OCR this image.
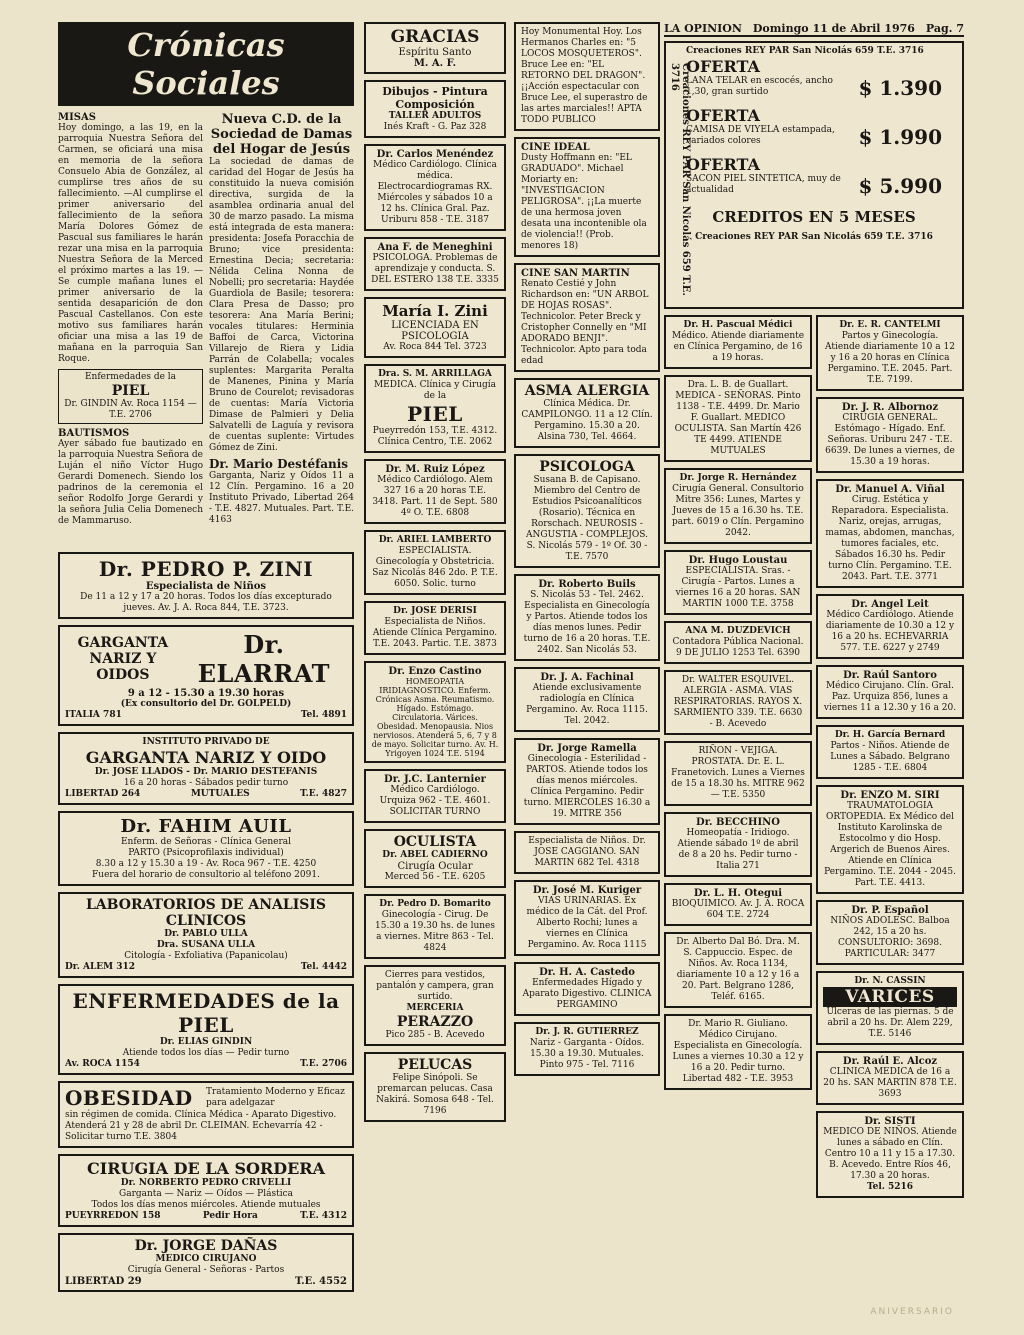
Crónicas Sociales
MISAS

Hoy domingo, a las 19, en la parroquia Nuestra Señora del Carmen, se oficiará una misa en memoria de la señora Consuelo Abia de González, al cumplirse tres años de su fallecimiento. —Al cumplirse el primer aniversario del fallecimiento de la señora María Dolores Gómez de Pascual sus familiares le harán rezar una misa en la parroquia Nuestra Señora de la Merced el próximo martes a las 19. —Se cumple mañana lunes el primer aniversario de la sentida desaparición de don Pascual Castellanos. Con este motivo sus familiares harán oficiar una misa a las 19 de mañana en la parroquia San Roque.

Enfermedades de la
PIEL
Dr. GINDIN Av. Roca 1154 — T.E. 2706
BAUTISMOS

Ayer sábado fue bautizado en la parroquia Nuestra Señora de Luján el niño Víctor Hugo Gerardi Domenech. Siendo los padrinos de la ceremonia el señor Rodolfo Jorge Gerardi y la señora Julia Celia Domenech de Mammaruso.

Nueva C.D. de la Sociedad de Damas del Hogar de Jesús

La sociedad de damas de caridad del Hogar de Jesús ha constituido la nueva comisión directiva, surgida de la asamblea ordinaria anual del 30 de marzo pasado. La misma está integrada de esta manera: presidenta: Josefa Poracchia de Bruno; vice presidenta: Ernestina Decia; secretaria: Nélida Celina Nonna de Nobelli; pro secretaria: Haydée Guardiola de Basile; tesorera: Clara Presa de Dasso; pro tesorera: Ana María Berini; vocales titulares: Herminia Baffoi de Carca, Victorina Villarejo de Riera y Lidia Parrán de Colabella; vocales suplentes: Margarita Peralta de Manenes, Pinina y María Bruno de Courelot; revisadoras de cuentas: María Victoria Dimase de Palmieri y Delia Salvatelli de Laguía y revisora de cuentas suplente: Virtudes Gómez de Zini.

Dr. Mario Destéfanis

Garganta, Nariz y Oídos 11 a 12 Clín. Pergamino. 16 a 20 Instituto Privado, Libertad 264 - T.E. 4827. Mutuales. Part. T.E. 4163

Dr. PEDRO P. ZINI
Especialista de Niños
De 11 a 12 y 17 a 20 horas. Todos los días excepturado jueves. Av. J. A. Roca 844, T.E. 3723.
GARGANTA NARIZ Y OIDOS
Dr. ELARRAT
9 a 12 - 15.30 a 19.30 horas
(Ex consultorio del Dr. GOLPELD)
ITALIA 781	Tel. 4891
INSTITUTO PRIVADO DE
GARGANTA NARIZ Y OIDO
Dr. JOSE LLADOS - Dr. MARIO DESTEFANIS
16 a 20 horas - Sábados pedir turno
LIBERTAD 264	MUTUALES	T.E. 4827
Dr. FAHIM AUIL
Enferm. de Señoras - Clínica General
PARTO (Psicoprofilaxis individual)
8.30 a 12 y 15.30 a 19 - Av. Roca 967 - T.E. 4250
Fuera del horario de consultorio al teléfono 2091.
LABORATORIOS DE ANALISIS CLINICOS
Dr. PABLO ULLA
Dra. SUSANA ULLA
Citología - Exfoliativa (Papanicolau)
Dr. ALEM 312	Tel. 4442
ENFERMEDADES de la PIEL
Dr. ELIAS GINDIN
Atiende todos los días — Pedir turno
Av. ROCA 1154	T.E. 2706
OBESIDAD Tratamiento Moderno y Eficaz para adelgazar
sin régimen de comida. Clínica Médica - Aparato Digestivo. Atenderá 21 y 28 de abril Dr. CLEIMAN. Echevarría 42 - Solicitar turno T.E. 3804
CIRUGIA DE LA SORDERA
Dr. NORBERTO PEDRO CRIVELLI
Garganta — Nariz — Oídos — Plástica
Todos los días menos miércoles. Atiende mutuales
PUEYRREDON 158	Pedir Hora	T.E. 4312
Dr. JORGE DAÑAS
MEDICO CIRUJANO
Cirugía General - Señoras - Partos
LIBERTAD 29	T.E. 4552
GRACIAS
Espíritu Santo
M. A. F.
Dibujos - Pintura Composición
TALLER ADULTOS
Inés Kraft - G. Paz 328
Dr. Carlos Menéndez
Médico Cardiólogo. Clínica médica. Electrocardiogramas RX. Miércoles y sábados 10 a 12 hs. Clínica Gral. Paz. Uriburu 858 - T.E. 3187
Ana F. de Meneghini
PSICOLOGA. Problemas de aprendizaje y conducta. S. DEL ESTERO 138 T.E. 3335
María I. Zini
LICENCIADA EN PSICOLOGIA
Av. Roca 844 Tel. 3723
Dra. S. M. ARRILLAGA
MEDICA. Clínica y Cirugía de la
PIEL
Pueyrredón 153, T.E. 4312. Clínica Centro, T.E. 2062
Dr. M. Ruiz López
Médico Cardiólogo. Alem 327 16 a 20 horas T.E. 3418. Part. 11 de Sept. 580 4º O. T.E. 6808
Dr. ARIEL LAMBERTO
ESPECIALISTA. Ginecología y Obstetricia. Saz Nicolás 846 2do. P. T.E. 6050. Solic. turno
Dr. JOSE DERISI
Especialista de Niños. Atiende Clínica Pergamino. T.E. 2043. Partic. T.E. 3873
Dr. Enzo Castino
HOMEOPATIA IRIDIAGNOSTICO. Enferm. Crónicas Asma. Reumatismo. Hígado. Estómago. Circulatoria. Várices. Obesidad. Menopausia. Nios nerviosos. Atenderá 5, 6, 7 y 8 de mayo. Solicitar turno. Av. H. Yrigoyen 1024 T.E. 5194
Dr. J.C. Lanternier
Médico Cardiólogo. Urquiza 962 - T.E. 4601. SOLICITAR TURNO
OCULISTA
Dr. ABEL CADIERNO
Cirugía Ocular
Merced 56 - T.E. 6205
Dr. Pedro D. Bomarito
Ginecología - Cirug. De 15.30 a 19.30 hs. de lunes a viernes. Mitre 863 - Tel. 4824
Cierres para vestidos, pantalón y campera, gran surtido.
MERCERIA
PERAZZO
Pico 285 - B. Acevedo
PELUCAS
Felipe Sinópoli. Se premarcan pelucas. Casa Nakirá. Somosa 648 - Tel. 7196
Hoy Monumental Hoy. Los Hermanos Charles en: "5 LOCOS MOSQUETEROS". Bruce Lee en: "EL RETORNO DEL DRAGON". ¡¡Acción espectacular con Bruce Lee, el superastro de las artes marciales!! APTA TODO PUBLICO
CINE IDEAL
Dusty Hoffmann en: "EL GRADUADO". Michael Moriarty en: "INVESTIGACION PELIGROSA". ¡¡La muerte de una hermosa joven desata una incontenible ola de violencia!! (Prob. menores 18)
CINE SAN MARTIN
Renato Cestié y John Richardson en: "UN ARBOL DE HOJAS ROSAS". Technicolor. Peter Breck y Cristopher Connelly en "MI ADORADO BENJI". Technicolor. Apto para toda edad
ASMA ALERGIA
Clínica Médica. Dr. CAMPILONGO. 11 a 12 Clín. Pergamino. 15.30 a 20. Alsina 730, Tel. 4664.
PSICOLOGA
Susana B. de Capisano. Miembro del Centro de Estudios Psicoanalíticos (Rosario). Técnica en Rorschach. NEUROSIS - ANGUSTIA - COMPLEJOS. S. Nicolás 579 - 1º Of. 30 - T.E. 7570
Dr. Roberto Buils
S. Nicolás 53 - Tel. 2462. Especialista en Ginecología y Partos. Atiende todos los días menos lunes. Pedir turno de 16 a 20 horas. T.E. 2402. San Nicolás 53.
Dr. J. A. Fachinal
Atiende exclusivamente radiología en Clínica Pergamino. Av. Roca 1115. Tel. 2042.
Dr. Jorge Ramella
Ginecología - Esterilidad - PARTOS. Atiende todos los días menos miércoles. Clínica Pergamino. Pedir turno. MIERCOLES 16.30 a 19. MITRE 356
Especialista de Niños. Dr. JOSE CAGGIANO. SAN MARTIN 682 Tel. 4318
Dr. José M. Kuriger
VIAS URINARIAS. Ex médico de la Cát. del Prof. Alberto Rochi; lunes a viernes en Clínica Pergamino. Av. Roca 1115
Dr. H. A. Castedo
Enfermedades Hígado y Aparato Digestivo. CLINICA PERGAMINO
Dr. J. R. GUTIERREZ
Nariz - Garganta - Oídos. 15.30 a 19.30. Mutuales. Pinto 975 - Tel. 7116
LA OPINION Domingo 11 de Abril 1976 Pag. 7
Creaciones REY PAR San Nicolás 659 T.E. 3716
Creaciones REY PAR San Nicolás 659 T.E. 3716
OFERTA
$ 1.390
LANA TELAR en escocés, ancho 1,30, gran surtido
OFERTA
$ 1.990
CAMISA DE VIYELA estampada, variados colores
OFERTA
$ 5.990
SACON PIEL SINTETICA, muy de actualidad
CREDITOS EN 5 MESES
Creaciones REY PAR San Nicolás 659 T.E. 3716
Dr. H. Pascual Médici
Médico. Atiende diariamente en Clínica Pergamino, de 16 a 19 horas.
Dra. L. B. de Guallart. MEDICA - SEÑORAS. Pinto 1138 - T.E. 4499. Dr. Mario F. Guallart. MEDICO OCULISTA. San Martín 426 TE 4499. ATIENDE MUTUALES
Dr. Jorge R. Hernández
Cirugía General. Consultorio Mitre 356: Lunes, Martes y Jueves de 15 a 16.30 hs. T.E. part. 6019 o Clín. Pergamino 2042.
Dr. Hugo Loustau
ESPECIALISTA. Sras. - Cirugía - Partos. Lunes a viernes 16 a 20 horas. SAN MARTIN 1000 T.E. 3758
ANA M. DUZDEVICH
Contadora Pública Nacional. 9 DE JULIO 1253 Tel. 6390
Dr. WALTER ESQUIVEL. ALERGIA - ASMA. VIAS RESPIRATORIAS. RAYOS X. SARMIENTO 339. T.E. 6630 - B. Acevedo
RIÑON - VEJIGA. PROSTATA. Dr. E. L. Franetovich. Lunes a Viernes de 15 a 18.30 hs. MITRE 962 — T.E. 5350
Dr. BECCHINO
Homeopatía - Iridiogo. Atiende sábado 1º de abril de 8 a 20 hs. Pedir turno - Italia 271
Dr. L. H. Otegui
BIOQUIMICO. Av. J. A. ROCA 604 T.E. 2724
Dr. Alberto Dal Bó. Dra. M. S. Cappuccio. Espec. de Niños. Av. Roca 1134, diariamente 10 a 12 y 16 a 20. Part. Belgrano 1286, Teléf. 6165.
Dr. Mario R. Giuliano. Médico Cirujano. Especialista en Ginecología. Lunes a viernes 10.30 a 12 y 16 a 20. Pedir turno. Libertad 482 - T.E. 3953
Dr. E. R. CANTELMI
Partos y Ginecología. Atiende diariamente 10 a 12 y 16 a 20 horas en Clínica Pergamino. T.E. 2045. Part. T.E. 7199.
Dr. J. R. Albornoz
CIRUGIA GENERAL. Estómago - Hígado. Enf. Señoras. Uriburu 247 - T.E. 6639. De lunes a viernes, de 15.30 a 19 horas.
Dr. Manuel A. Viñal
Cirug. Estética y Reparadora. Especialista. Nariz, orejas, arrugas, mamas, abdomen, manchas, tumores faciales, etc. Sábados 16.30 hs. Pedir turno Clín. Pergamino. T.E. 2043. Part. T.E. 3771
Dr. Angel Leit
Médico Cardiólogo. Atiende diariamente de 10.30 a 12 y 16 a 20 hs. ECHEVARRIA 577. T.E. 6227 y 2749
Dr. Raúl Santoro
Médico Cirujano. Clín. Gral. Paz. Urquiza 856, lunes a viernes 11 a 12.30 y 16 a 20.
Dr. H. García Bernard
Partos - Niños. Atiende de Lunes a Sábado. Belgrano 1285 - T.E. 6804
Dr. ENZO M. SIRI
TRAUMATOLOGIA ORTOPEDIA. Ex Médico del Instituto Karolinska de Estocolmo y dio Hosp. Argerich de Buenos Aires. Atiende en Clínica Pergamino. T.E. 2044 - 2045. Part. T.E. 4413.
Dr. P. Español
NIÑOS ADOLESC. Balboa 242, 15 a 20 hs. CONSULTORIO: 3698. PARTICULAR: 3477
Dr. N. CASSIN
VARICES
Ulceras de las piernas. 5 de abril a 20 hs. Dr. Alem 229, T.E. 5146
Dr. Raúl E. Alcoz
CLINICA MEDICA de 16 a 20 hs. SAN MARTIN 878 T.E. 3693
Dr. SISTI
MEDICO DE NIÑOS. Atiende lunes a sábado en Clín. Centro 10 a 11 y 15 a 17.30. B. Acevedo. Entre Ríos 46, 17.30 a 20 horas.
Tel. 5216
ANIVERSARIO
